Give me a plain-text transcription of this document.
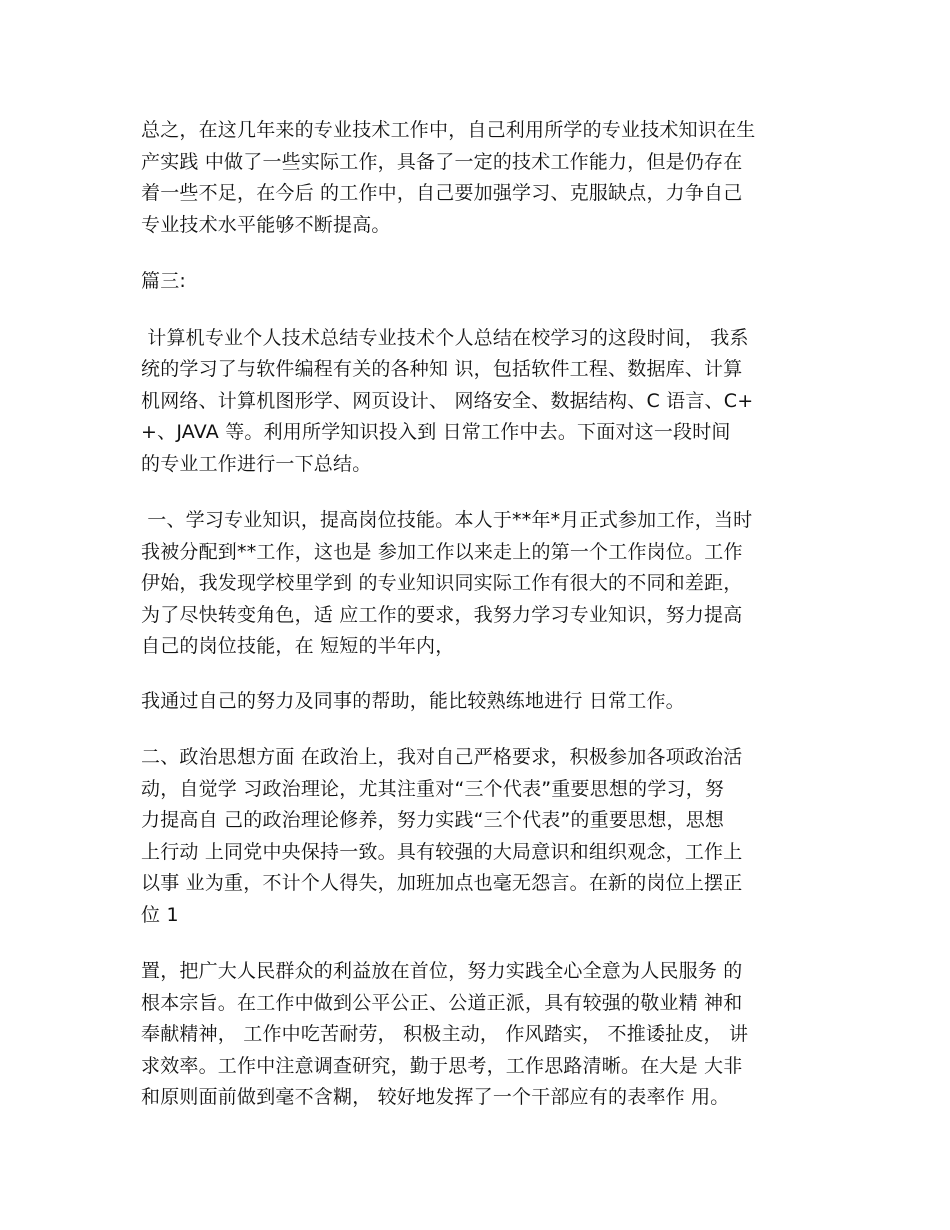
总之，在这几年来的专业技术工作中，自己利用所学的专业技术知识在生
产实践 中做了一些实际工作，具备了一定的技术工作能力，但是仍存在
着一些不足，在今后 的工作中，自己要加强学习、克服缺点，力争自己
专业技术水平能够不断提高。

篇三:

计算机专业个人技术总结专业技术个人总结在校学习的这段时间， 我系
统的学习了与软件编程有关的各种知 识，包括软件工程、数据库、计算
机网络、计算机图形学、网页设计、 网络安全、数据结构、C 语言、C+
+、JAVA 等。利用所学知识投入到 日常工作中去。下面对这一段时间
的专业工作进行一下总结。

一、学习专业知识，提高岗位技能。本人于**年*月正式参加工作，当时
我被分配到**工作，这也是 参加工作以来走上的第一个工作岗位。工作
伊始，我发现学校里学到 的专业知识同实际工作有很大的不同和差距，
为了尽快转变角色，适 应工作的要求，我努力学习专业知识，努力提高
自己的岗位技能，在 短短的半年内，

我通过自己的努力及同事的帮助，能比较熟练地进行 日常工作。

二、政治思想方面 在政治上，我对自己严格要求，积极参加各项政治活
动，自觉学 习政治理论，尤其注重对“三个代表”重要思想的学习，努
力提高自 己的政治理论修养，努力实践“三个代表”的重要思想，思想
上行动 上同党中央保持一致。具有较强的大局意识和组织观念，工作上
以事 业为重，不计个人得失，加班加点也毫无怨言。在新的岗位上摆正
位 1

置，把广大人民群众的利益放在首位，努力实践全心全意为人民服务 的
根本宗旨。在工作中做到公平公正、公道正派，具有较强的敬业精 神和
奉献精神， 工作中吃苦耐劳， 积极主动， 作风踏实， 不推诿扯皮， 讲
求效率。工作中注意调查研究，勤于思考，工作思路清晰。在大是 大非
和原则面前做到毫不含糊， 较好地发挥了一个干部应有的表率作 用。
